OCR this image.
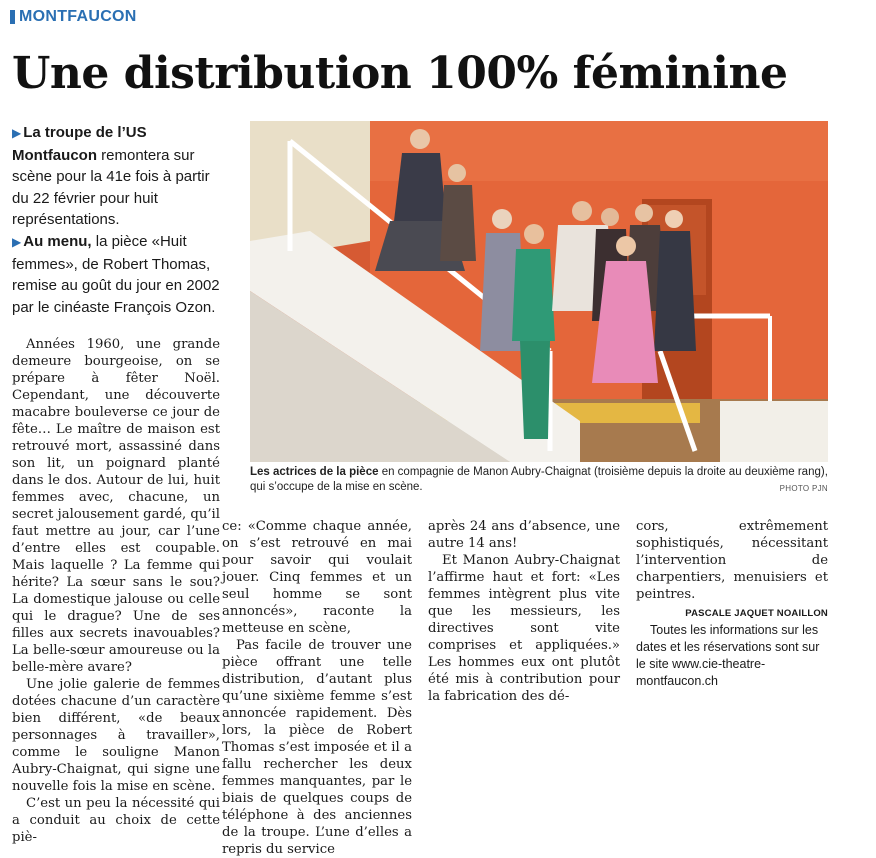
MONTFAUCON
Une distribution 100% féminine

▶ La troupe de l’US Montfaucon remontera sur scène pour la 41e fois à partir du 22 février pour huit représentations.

▶ Au menu, la pièce «Huit femmes», de Robert Thomas, remise au goût du jour en 2002 par le cinéaste François Ozon.

Les actrices de la pièce en compagnie de Manon Aubry-Chaignat (troisième depuis la droite au deuxième rang), qui s’occupe de la mise en scène.	PHOTO PJN

Années 1960, une grande demeure bourgeoise, on se prépare à fêter Noël. Cependant, une découverte macabre bouleverse ce jour de fête… Le maître de maison est retrouvé mort, assassiné dans son lit, un poignard planté dans le dos. Autour de lui, huit femmes avec, chacune, un secret jalousement gardé, qu’il faut mettre au jour, car l’une d’entre elles est coupable. Mais laquelle ? La femme qui hérite? La sœur sans le sou? La domestique jalouse ou celle qui le drague? Une de ses filles aux secrets inavouables? La belle-sœur amoureuse ou la belle-mère avare?

Une jolie galerie de femmes dotées chacune d’un caractère bien différent, «de beaux personnages à travailler», comme le souligne Manon Aubry-Chaignat, qui signe une nouvelle fois la mise en scène.

C’est un peu la nécessité qui a conduit au choix de cette piè-

ce: «Comme chaque année, on s’est retrouvé en mai pour savoir qui voulait jouer. Cinq femmes et un seul homme se sont annoncés», raconte la metteuse en scène,

Pas facile de trouver une pièce offrant une telle distribution, d’autant plus qu’une sixième femme s’est annoncée rapidement. Dès lors, la pièce de Robert Thomas s’est imposée et il a fallu rechercher les deux femmes manquantes, par le biais de quelques coups de téléphone à des anciennes de la troupe. L’une d’elles a repris du service

après 24 ans d’absence, une autre 14 ans!

Et Manon Aubry-Chaignat l’affirme haut et fort: «Les femmes intègrent plus vite que les messieurs, les directives sont vite comprises et appliquées.» Les hommes eux ont plutôt été mis à contribution pour la fabrication des dé-

cors, extrêmement sophistiqués, nécessitant l’intervention de charpentiers, menuisiers et peintres.

PASCALE JAQUET NOAILLON

Toutes les informations sur les dates et les réservations sont sur le site www.cie-theatre-montfaucon.ch
